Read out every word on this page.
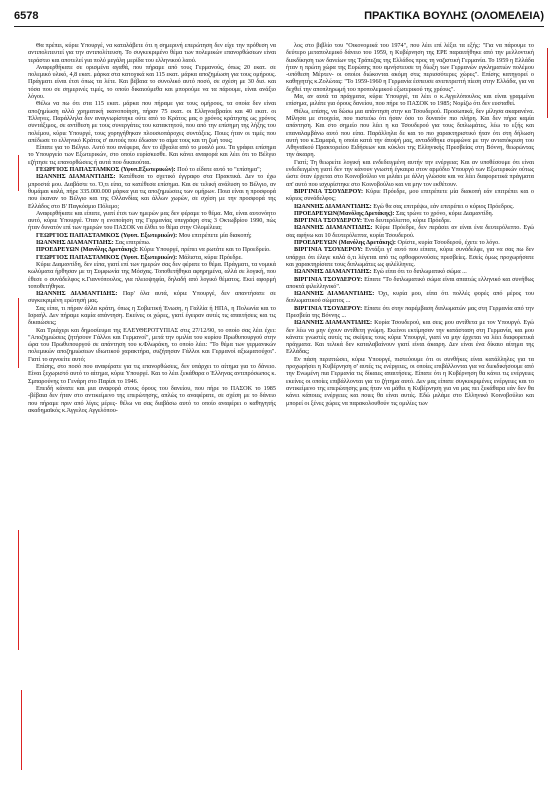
6578	ΠΡΑΚΤΙΚΑ ΒΟΥΛΗΣ (ΟΛΟΜΕΛΕΙΑ)

Θα πρέπει, κύριε Υπουργέ, να καταλάβετε ότι η σημερινή επερώτηση δεν είχε την πρόθεση να αντιπολιτευτεί για την αντιπολίτευση. Το συγκεκριμένο θέμα των πολεμικών επανορθώσεων είναι τεράστιο και αποτελεί για πολύ μεγάλη μερίδα του ελληνικού λαού.

Αναφερθήκατε σε ορισμένα αγαθά, που πήραμε από τους Γερμανούς, όπως 20 εκατ. σε πολεμικό υλικό, 4,8 εκατ. μάρκα στα κατοχικά και 115 εκατ. μάρκα αποζημίωση για τους ομήρους. Πράγματι είναι έτσι όπως τα λέτε. Και βέβαια το συνολικό αυτό ποσό, σε σχέση με 30 δισ. και τόσα που σε σημερινές τιμές, το οποίο δικαιούμεθα και μπορούμε να τα πάρουμε, είναι ανάξιο λόγου.

Θέλω να πω ότι στα 115 εκατ. μάρκα που πήραμε για τους ομήρους, τα οποία δεν είναι αποζημίωση αλλά χρηματική ικανοποίηση, πήραν 75 εκατ. οι Ελληνοεβραίοι και 40 εκατ. οι Έλληνες. Παράλληλα δεν αναγνωρίστηκε ούτε από το Κράτος μας ο χρόνος κράτησης ως χρόνος συντάξιμος, σε αντίθεση με τους συνεργάτες του κατακτητού, που από την επίσημη της λήξης του πολέμου, κύριε Υπουργέ, τους χορηγήθηκαν πλουσιοπάροχες συντάξεις. Ποιες ήταν οι τιμές που απέδωσε το ελληνικό Κράτος σ' αυτούς που έδωσαν το αίμα τους και τη ζωή τους;

Είπατε για το Βέλγιο. Αυτό που ανέφερα, δεν το έβγαλα από το μυαλό μου. Τα γράφει επίσημα το Υπουργείο των Εξωτερικών, στο οποίο ευρίσκεσθε. Και κάνει αναφορά και λέει ότι το Βέλγιο εζήτησε τις επανορθώσεις ή αυτά που δικαιούται.

ΓΕΩΡΓΙΟΣ ΠΑΠΑΣΤΑΜΚΟΣ (Υφυπ.Εξωτερικών): Πού το είδατε αυτό το "επίσημα";

ΙΩΑΝΝΗΣ ΔΙΑΜΑΝΤΙΔΗΣ: Κατέθεσα το σχετικό έγγραφο στα Πρακτικά. Δεν το έχω μπροστά μου. Διαβάστε το. Ό,τι είπα, τα κατέθεσα επίσημα. Και σε τελική ανάλυση το Βέλγιο, αν θυμάμαι καλά, πήρε 335.000.000 μάρκα για τις αποζημιώσεις των ομήρων. Ποια είναι η προσφορά που έκαναν το Βέλγιο και της Ολλανδίας και άλλων χωρών, σε σχέση με την προσφορά της Ελλάδος στο Β' Παγκόσμιο Πόλεμο;

Αναφερθήκατε και είπατε, γιατί έτσι των ημερών μας δεν φέραμε το θέμα. Μα, είναι αυτονόητο αυτό, κύριε Υπουργέ. Όταν η ενοποίηση της Γερμανίας υπεγράφη στις 3 Οκτωβρίου 1990, πώς ήταν δυνατόν επί των ημερών του ΠΑΣΟΚ να έλθει το θέμα στην Ολομέλεια;

ΓΕΩΡΓΙΟΣ ΠΑΠΑΣΤΑΜΚΟΣ (Υφυπ. Εξωτερικών): Μου επιτρέπετε μία διακοπή;

ΙΩΑΝΝΗΣ ΔΙΑΜΑΝΤΙΔΗΣ: Σας επιτρέπω.

ΠΡΟΕΔΡΕΥΩΝ (Μανόλης Δρετάκης): Κύριε Υπουργέ, πρέπει να ρωτάτε και το Προεδρείο.

ΓΕΩΡΓΙΟΣ ΠΑΠΑΣΤΑΜΚΟΣ (Υφυπ. Εξωτερικών): Μάλιστα, κύριε Πρόεδρε.

Κύριε Διαμαντίδη, δεν είπα, γιατί επί των ημερών σας δεν φέρατε το θέμα. Πράγματι, τα νομικά κωλύματα ήρθησαν με τη Συμφωνία της Μόσχας. Τοποθετήθηκα αφηρημένα, αλλά σε λογική, που έθεσε ο συνάδελφος κ.Γιαννόπουλος, για πλειοψηφία, δηλαδή από λογικό θέματος. Εκεί αφορμή τοποθετήθηκα.

ΙΩΑΝΝΗΣ ΔΙΑΜΑΝΤΙΔΗΣ: Παρ' όλα αυτά, κύριε Υπουργέ, δεν απαντήσατε σε συγκεκριμένη ερώτησή μας.

Σας είπα, τι πήραν άλλα κράτη, όπως η Σοβιετική Ένωση, η Γαλλία ή ΗΠΑ, η Πολωνία και το Ισραήλ. Δεν πήραμε καμία απάντηση. Εκείνες οι χώρες, γιατί έγειραν αυτές τις απαιτήσεις και τις δικαιώσεις;

Και Τριάχερι και δημοσίευμα της ΕΛΕΥΘΕΡΟΤΥΠΙΑΣ στις 27/12/90, το οποίο σας λέει έχει: "Αποζημιώσεις ζητήσουν Γάλλοι και Γερμανοί", μετά την ομιλία του κυρίου Πρωθυπουργού στην ώρα του Πρωθυπουργού σε απάντηση του κ.Φλωράκη, το οποίο λέει: "Το θέμα των γερμανικών πολεμικών αποζημιώσεων ιδιωτικού χαρακτήρα, συζήτησαν Γάλλοι και Γερμανοί αξιωματούχοι". Γιατί το αγνοείτε αυτό;

Επίσης, στο ποσό που αναφέρατε για τις επανορθώσεις, δεν υπάρχει το αίτημα για το δάνειο. Είναι ξεχωριστό αυτό το αίτημα, κύριε Υπουργέ. Και το λέει ξεκάθαρα ο Έλληνας αντιπρόσωπος κ. Σμπαρούνης το Γενάρη στο Παρίσι το 1946.

Επειδή κάνατε και μια αναφορά στους όρους του δανείου, που πήρε το ΠΑΣΟΚ το 1985 -βέβαια δεν ήταν στο αντικείμενο της επερώτησης, απλώς το αναφέρατε, σε σχέση με το δάνειο που πήραμε πριν από λίγες μέρες- θέλω να σας διαβάσω αυτό το οποίο αναφέρει ο καθηγητής ακαδημαϊκός κ.Άγγελος Αγγελόπου-

λος στο βιβλίο του "Οικονομικά του 1974", που λέει επί λέξει τα εξής: "Για να πάρουμε το δεύτερο μεταπολεμικό δάνειο του 1959, η Κυβέρνηση της ΕΡΕ παραιτήθηκε από την μελλοντική διεκδίκηση των δανείων της Τράπεζας της Ελλάδος προς τη ναζιστική Γερμανία. Το 1959 η Ελλάδα ήταν η πρώτη χώρα της Ευρώπης που αμνήστευσε τη δίωξη των Γερμανών εγκληματιών πολέμου -υπόθεση Μέρτεν- οι οποίοι διώκονται ακόμη στις περισσότερες χώρες". Επίσης κατηγορεί ο καθηγητής κ.Ζολώτας: "Το 1959-1960 η Γερμανία έσπευσε ανεπιτρεπτή πίεση στην Ελλάδα, για να δεχθεί την αποπληρωμή του προπολεμικού εξωτερικού της χρέους".

Μα, αν αυτά τα πράγματα, κύριε Υπουργέ, τα λέει ο κ.Αγγελόπουλος και είναι γραμμένα επίσημα, μιλάτε για όρους δανείου, που πήρε το ΠΑΣΟΚ το 1985; Νομίζω ότι δεν ευσταθεί.

Θέλω, επίσης, να δώσω μια απάντηση στην κα Τσουδερού. Προσωπικά, δεν μίλησα ακαρανένα. Μίλησα με στοιχεία, που πιστεύω ότι ήσαν όσο το δυνατόν πιο πλήρη. Και δεν πήρα καμία απάντηση. Και στο σημείο που λέει η κα Τσουδερού για τους διπλωμάτες, λέω το εξής και επαναλαμβάνω αυτό που είπα. Παράλληλα δε και το πιο χαρακτηριστικό ήταν ότι στη δήλωση αυτή του κ.Σαμαρά, η οποία κατά την άποψή μας, ανταδόθηκε συμφώνα με την ανταπόκριση του Αθηναϊκού Πρακτορείου Ειδήσεων και κύκλοι της Ελληνικής Πρεσβείας στη Βόννη, θεωρώντας την άκαιρη.

Γιατί; Τη θεωρείτε λογική και ενδεδειγμένη αυτήν την ενέργεια; Και αν υποθέσουμε ότι είναι ενδεδειγμένη γιατί δεν την κάνουν γνωστή έγκαιρα στον αρμόδιο Υπουργό των Εξωτερικών ούτως ώστε όταν έρχεται στο Κοινοβούλιο να μιλάει με άλλη γλώσσα και να λέει διαφορετικά πράγματα απ' αυτό που ισχυρίστηκε στο Κοινοβούλιο και να μην τον εκθέτουν.

ΒΙΡΓΙΝΙΑ ΤΣΟΥΔΕΡΟΥ: Κύριε Πρόεδρε, μου επιτρέπετε μία διακοπή εάν επιτρέπει και ο κύριος συνάδελφος;

ΙΩΑΝΝΗΣ ΔΙΑΜΑΝΤΙΔΗΣ: Εγώ θα σας επιτρέψω, εάν επιτρέπει ο κύριος Πρόεδρος.

ΠΡΟΕΔΡΕΥΩΝ(Μανόλης Δρετάκης): Σας τρώνε το χρόνο, κύριε Διαμαντίδη.

ΒΙΡΓΙΝΙΑ ΤΣΟΥΔΕΡΟΥ: Ένα δευτερόλεπτο, κύριε Πρόεδρε.

ΙΩΑΝΝΗΣ ΔΙΑΜΑΝΤΙΔΗΣ: Κύριε Πρόεδρε, δεν περάσει αν είναι ένα δευτερόλεπτο. Εγώ σας αφήνω και 10 δευτερόλεπτα, κυρία Τσουδερού.

ΠΡΟΕΔΡΕΥΩΝ (Μανόλης Δρετάκης): Ορίστε, κυρία Τσουδερού, έχετε το λόγο.

ΒΙΡΓΙΝΙΑ ΤΣΟΥΔΕΡΟΥ: Εντάξει γι' αυτό που είπατε, κύριε συνάδελφε, για να σας πω δεν υπάρχει ότι έλεγε καλά ό,τι λέγεται από τις ορθοφρονούσες πρεσβείες. Εσείς όμως προχωρήσατε και χαρακτηρίσατε τους διπλωμάτες ως φιλέλληνες.

ΙΩΑΝΝΗΣ ΔΙΑΜΑΝΤΙΔΗΣ: Εγώ είπα ότι το διπλωματικό σώμα ...

ΒΙΡΓΙΝΙΑ ΤΣΟΥΔΕΡΟΥ: Είπατε "Το διπλωματικό σώμα είναι απαιτώς ελληνικό και συνήθως αποκτά φιλελληνικό".

ΙΩΑΝΝΗΣ ΔΙΑΜΑΝΤΙΔΗΣ: Όχι, κυρία μου, είπα ότι πολλές φορές από μέρος του διπλωματικού σώματος ...

ΒΙΡΓΙΝΙΑ ΤΣΟΥΔΕΡΟΥ: Είπατε ότι στην παρέμβαση διπλωματών μας στη Γερμανία από την Πρεσβεία της Βόννης ...

ΙΩΑΝΝΗΣ ΔΙΑΜΑΝΤΙΔΗΣ: Κυρία Τσουδερού, και σεις μου αντίθετα με τον Υπουργό. Εγώ δεν λέω να μην έχουν αντίθετη γνώμη. Εκείνοι εκτίμησαν την κατάσταση στη Γερμανία, και μου κάνατε γνωστές αυτές τις σκέψεις τους κύριε Υπουργέ, γιατί να μην έρχεται να λέει διαφορετικά πράγματα. Και τελικά δεν καταλαβαίνουν γιατί είναι άκαιρη. Δεν είναι ένα δίκαιο αίτημα της Ελλάδας;

Εν πάση περιπτώσει, κύριε Υπουργέ, πιστεύουμε ότι οι συνθήκες είναι κατάλληλες για τα προχωρήσει η Κυβέρνηση σ' αυτές τις ενέργειες, οι οποίες επιβάλλονται για να διεκδικήσουμε από την Ενωμένη πια Γερμανία τις δίκαιες απαιτήσεις. Είπατε ότι η Κυβέρνηση θα κάνει τις ενέργειες εκείνες οι οποίες επιβάλλονται για το ζήτημα αυτό. Δεν μας είπατε συγκεκριμένες ενέργειες και το αντικείμενο της επερώτησης μας ήταν να μάθει η Κυβέρνηση για να μας πει ξεκάθαρα εάν δεν θα κάνει κάποιες ενέργειες και ποιες θα είναι αυτές. Εδώ μιλάμε στο Ελληνικό Κοινοβούλιο και μπορεί οι ξένες χώρες να παρακολουθούν τις ομιλίες των
